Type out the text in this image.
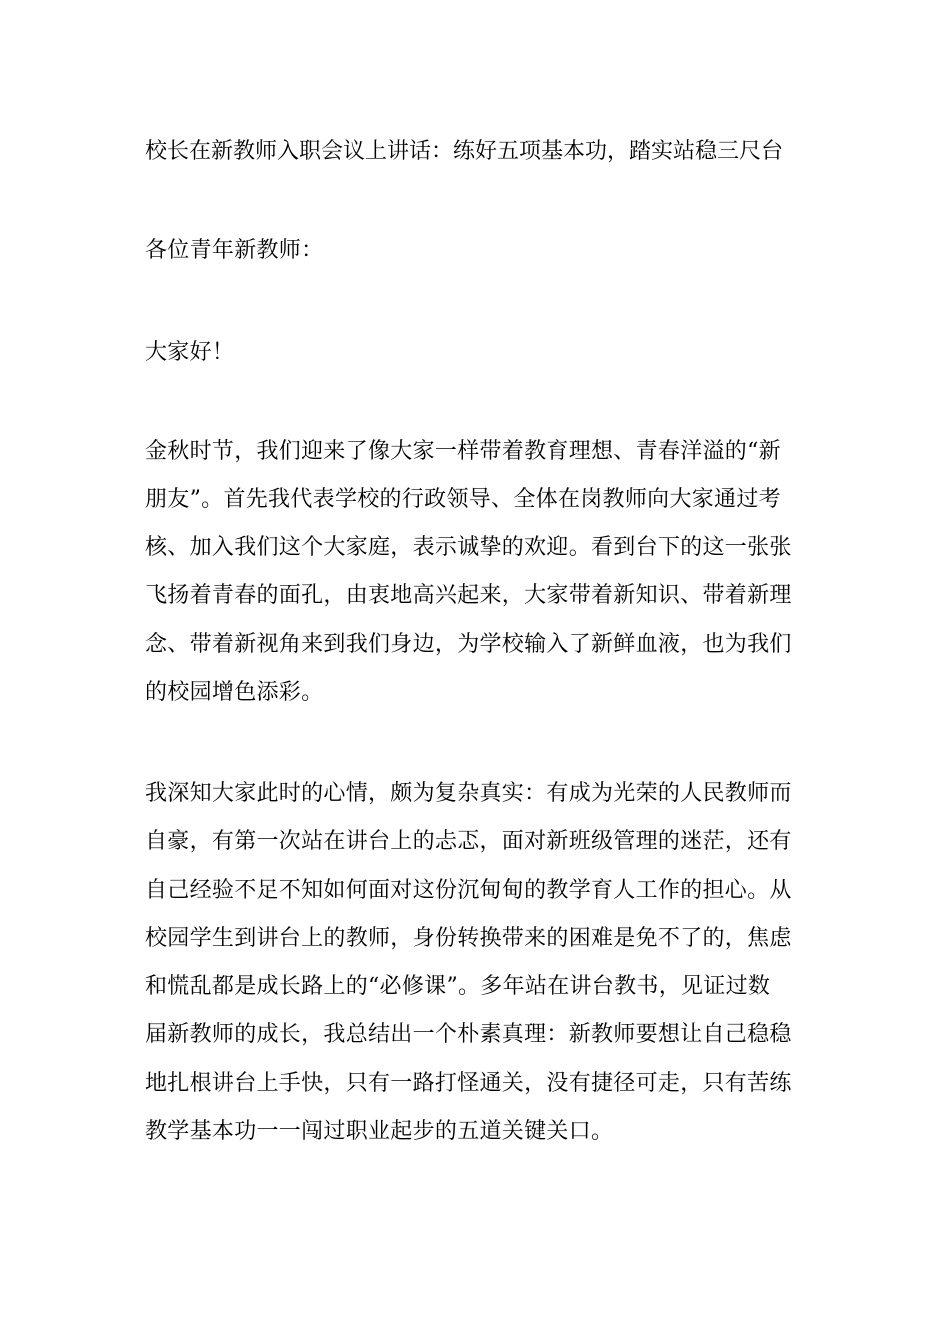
校长在新教师入职会议上讲话：练好五项基本功，踏实站稳三尺台

各位青年新教师：

大家好！

金秋时节，我们迎来了像大家一样带着教育理想、青春洋溢的“新

朋友”。首先我代表学校的行政领导、全体在岗教师向大家通过考

核、加入我们这个大家庭，表示诚挚的欢迎。看到台下的这一张张

飞扬着青春的面孔，由衷地高兴起来，大家带着新知识、带着新理

念、带着新视角来到我们身边，为学校输入了新鲜血液，也为我们

的校园增色添彩。

我深知大家此时的心情，颇为复杂真实：有成为光荣的人民教师而

自豪，有第一次站在讲台上的忐忑，面对新班级管理的迷茫，还有

自己经验不足不知如何面对这份沉甸甸的教学育人工作的担心。从

校园学生到讲台上的教师，身份转换带来的困难是免不了的，焦虑

和慌乱都是成长路上的“必修课”。多年站在讲台教书，见证过数

届新教师的成长，我总结出一个朴素真理：新教师要想让自己稳稳

地扎根讲台上手快，只有一路打怪通关，没有捷径可走，只有苦练

教学基本功一一闯过职业起步的五道关键关口。
